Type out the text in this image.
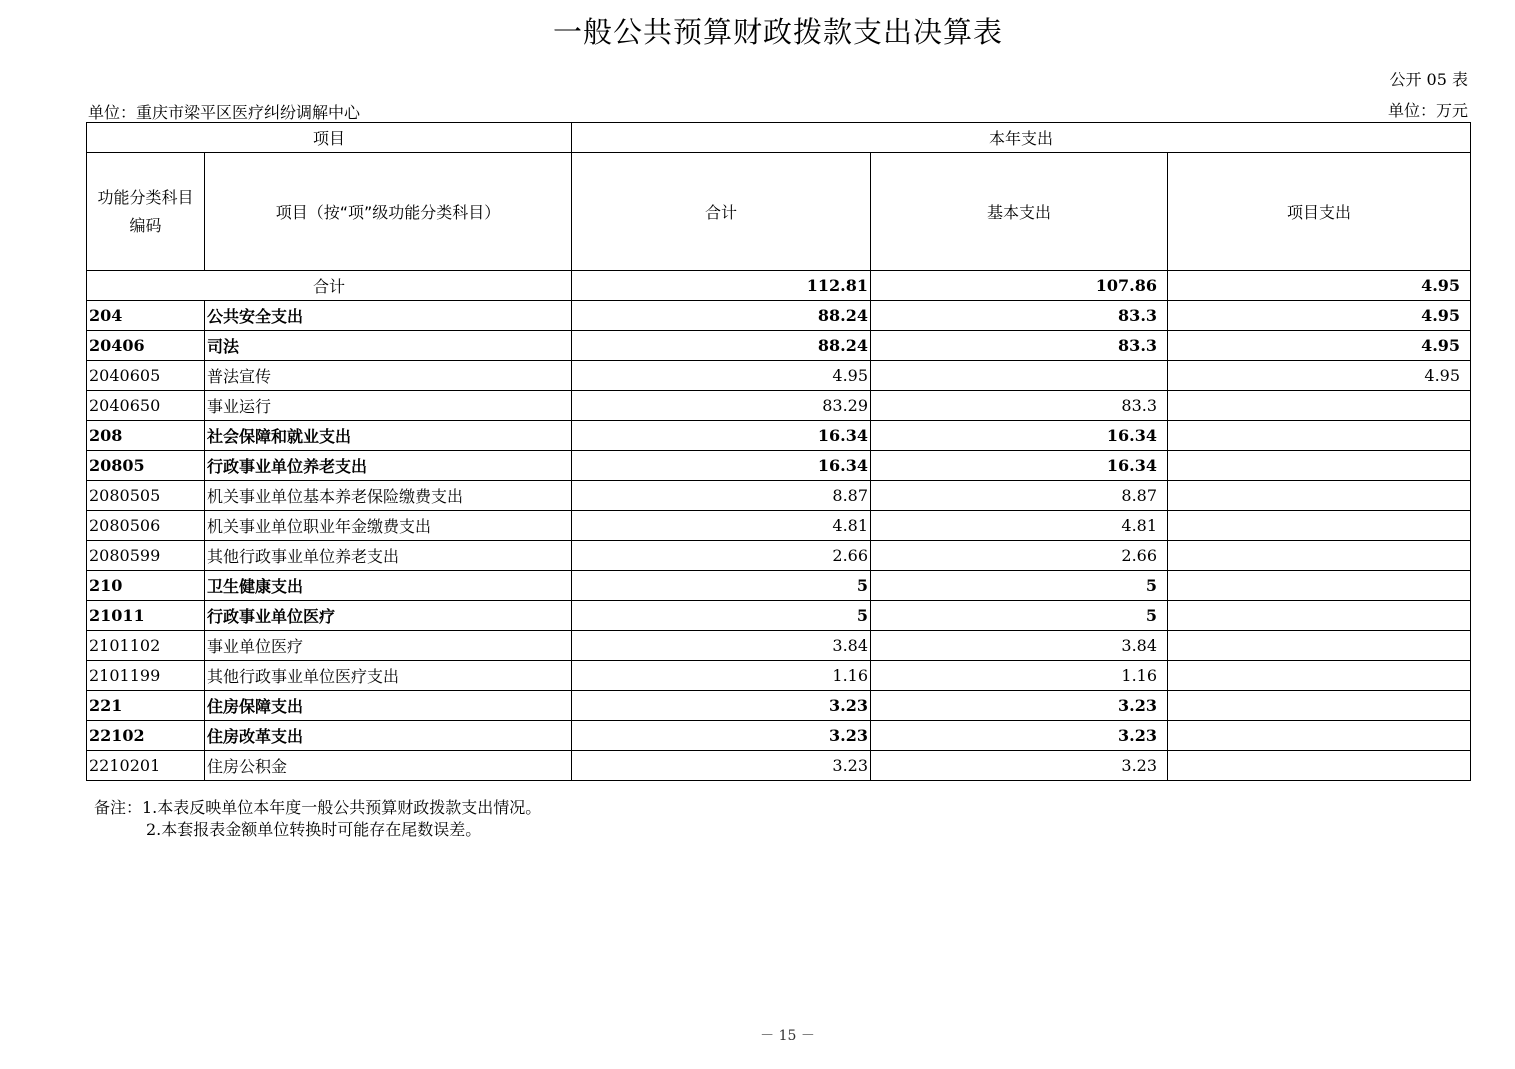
一般公共预算财政拨款支出决算表
公开 05 表
单位：重庆市梁平区医疗纠纷调解中心	单位：万元
项目		本年支出		
功能分类科目
编码	项目（按“项”级功能分类科目）	合计	基本支出	项目支出
合计		112.81	107.86	4.95
204	公共安全支出	88.24	83.3	4.95
20406	司法	88.24	83.3	4.95
2040605	普法宣传	4.95		4.95
2040650	事业运行	83.29	83.3	
208	社会保障和就业支出	16.34	16.34	
20805	行政事业单位养老支出	16.34	16.34	
2080505	机关事业单位基本养老保险缴费支出	8.87	8.87	
2080506	机关事业单位职业年金缴费支出	4.81	4.81	
2080599	其他行政事业单位养老支出	2.66	2.66	
210	卫生健康支出	5	5	
21011	行政事业单位医疗	5	5	
2101102	事业单位医疗	3.84	3.84	
2101199	其他行政事业单位医疗支出	1.16	1.16	
221	住房保障支出	3.23	3.23	
22102	住房改革支出	3.23	3.23	
2210201	住房公积金	3.23	3.23	
备注：1.本表反映单位本年度一般公共预算财政拨款支出情况。
2.本套报表金额单位转换时可能存在尾数误差。
－ 15 －
